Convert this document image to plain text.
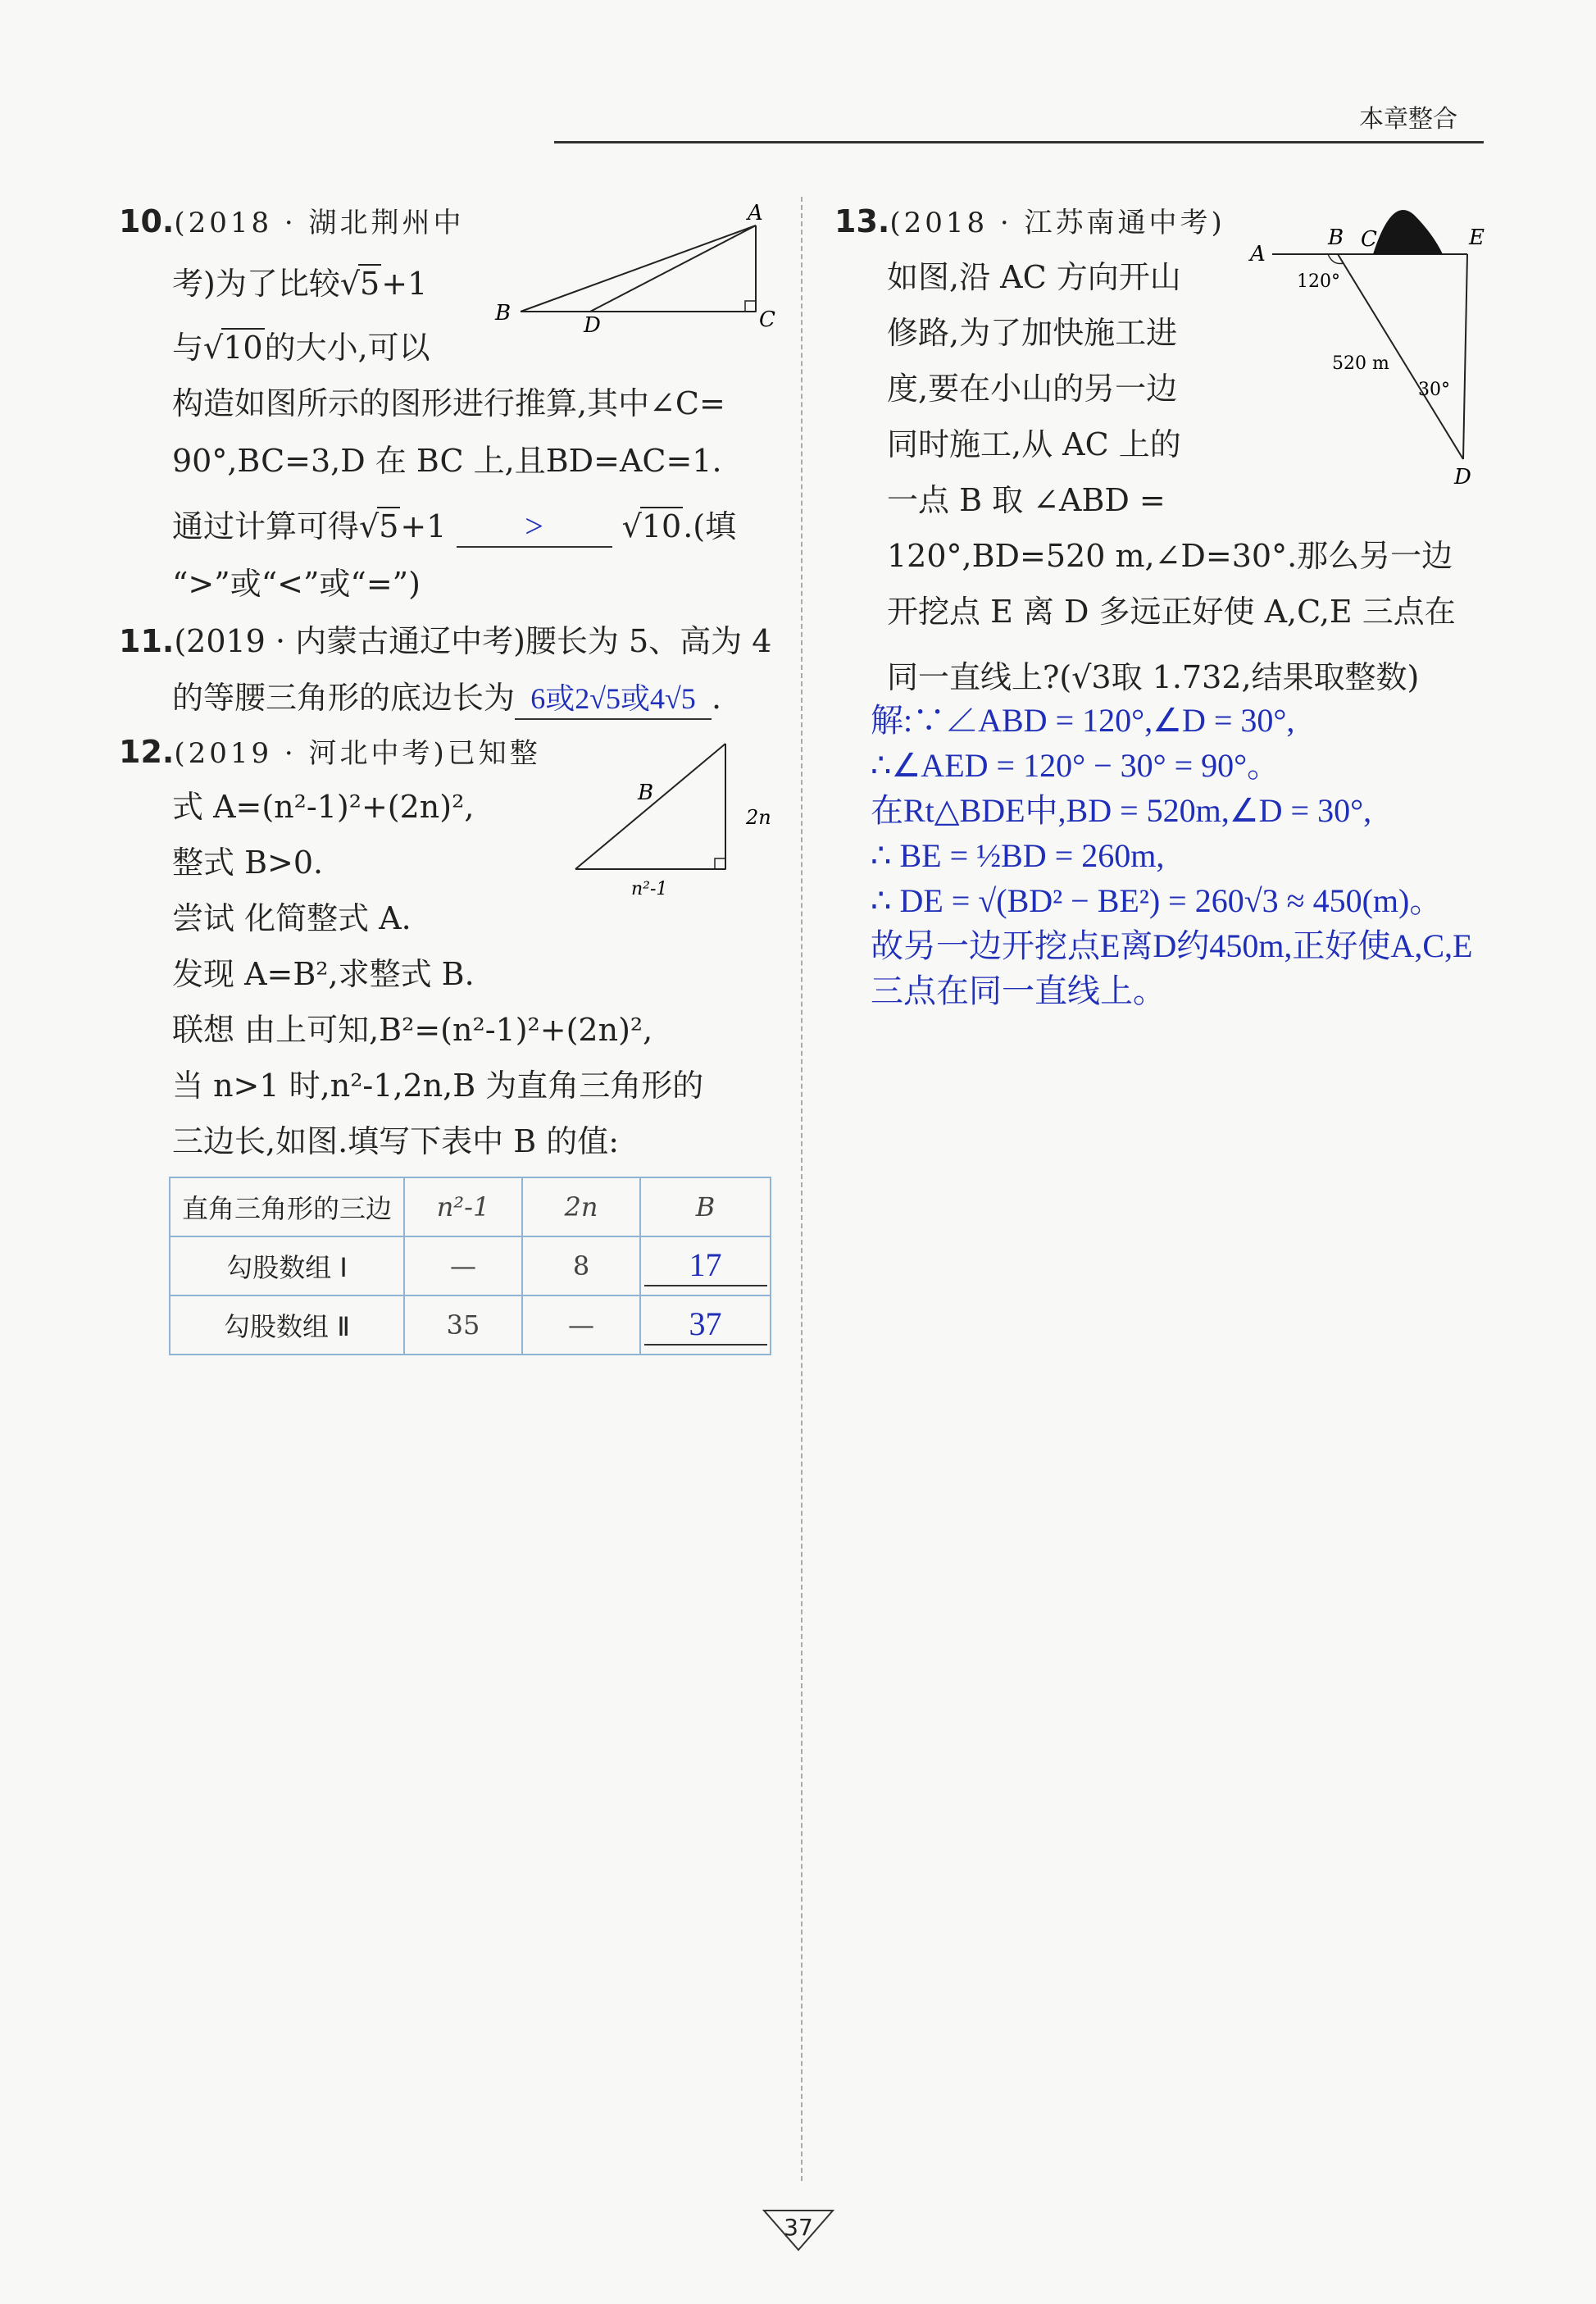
本章整合
10.(2018 · 湖北荆州中
考)为了比较√5+1
与√10的大小,可以
构造如图所示的图形进行推算,其中∠C=
90°,BC=3,D 在 BC 上,且BD=AC=1.
通过计算可得√5+1 >	√10.(填
“>”或“<”或“=”)
A
B	C
D
11.(2019 · 内蒙古通辽中考)腰长为 5、高为 4
的等腰三角形的底边长为 6或2√5或4√5 .
12.(2019 · 河北中考)已知整
式 A=(n²-1)²+(2n)²,
整式 B>0.
尝试 化简整式 A.
发现 A=B²,求整式 B.
联想 由上可知,B²=(n²-1)²+(2n)²,
当 n>1 时,n²-1,2n,B 为直角三角形的
三边长,如图.填写下表中 B 的值:
B
2n
n²-1
直角三角形的三边	n²-1	2n	B
勾股数组 Ⅰ	—	8	17
勾股数组 Ⅱ	35	—	37
13.(2018 · 江苏南通中考)
如图,沿 AC 方向开山
修路,为了加快施工进
度,要在小山的另一边
同时施工,从 AC 上的
一点 B 取 ∠ABD =
120°,BD=520 m,∠D=30°.那么另一边
开挖点 E 离 D 多远正好使 A,C,E 三点在
同一直线上?(√3取 1.732,结果取整数)
A
B C	E
D
120°
520 m
30°
解:∵∠ABD = 120°,∠D = 30°,
∴∠AED = 120° − 30° = 90°。
在Rt△BDE中,BD = 520m,∠D = 30°,
∴ BE = ½BD = 260m,
∴ DE = √(BD² − BE²) = 260√3 ≈ 450(m)。
故另一边开挖点E离D约450m,正好使A,C,E
三点在同一直线上。
37
